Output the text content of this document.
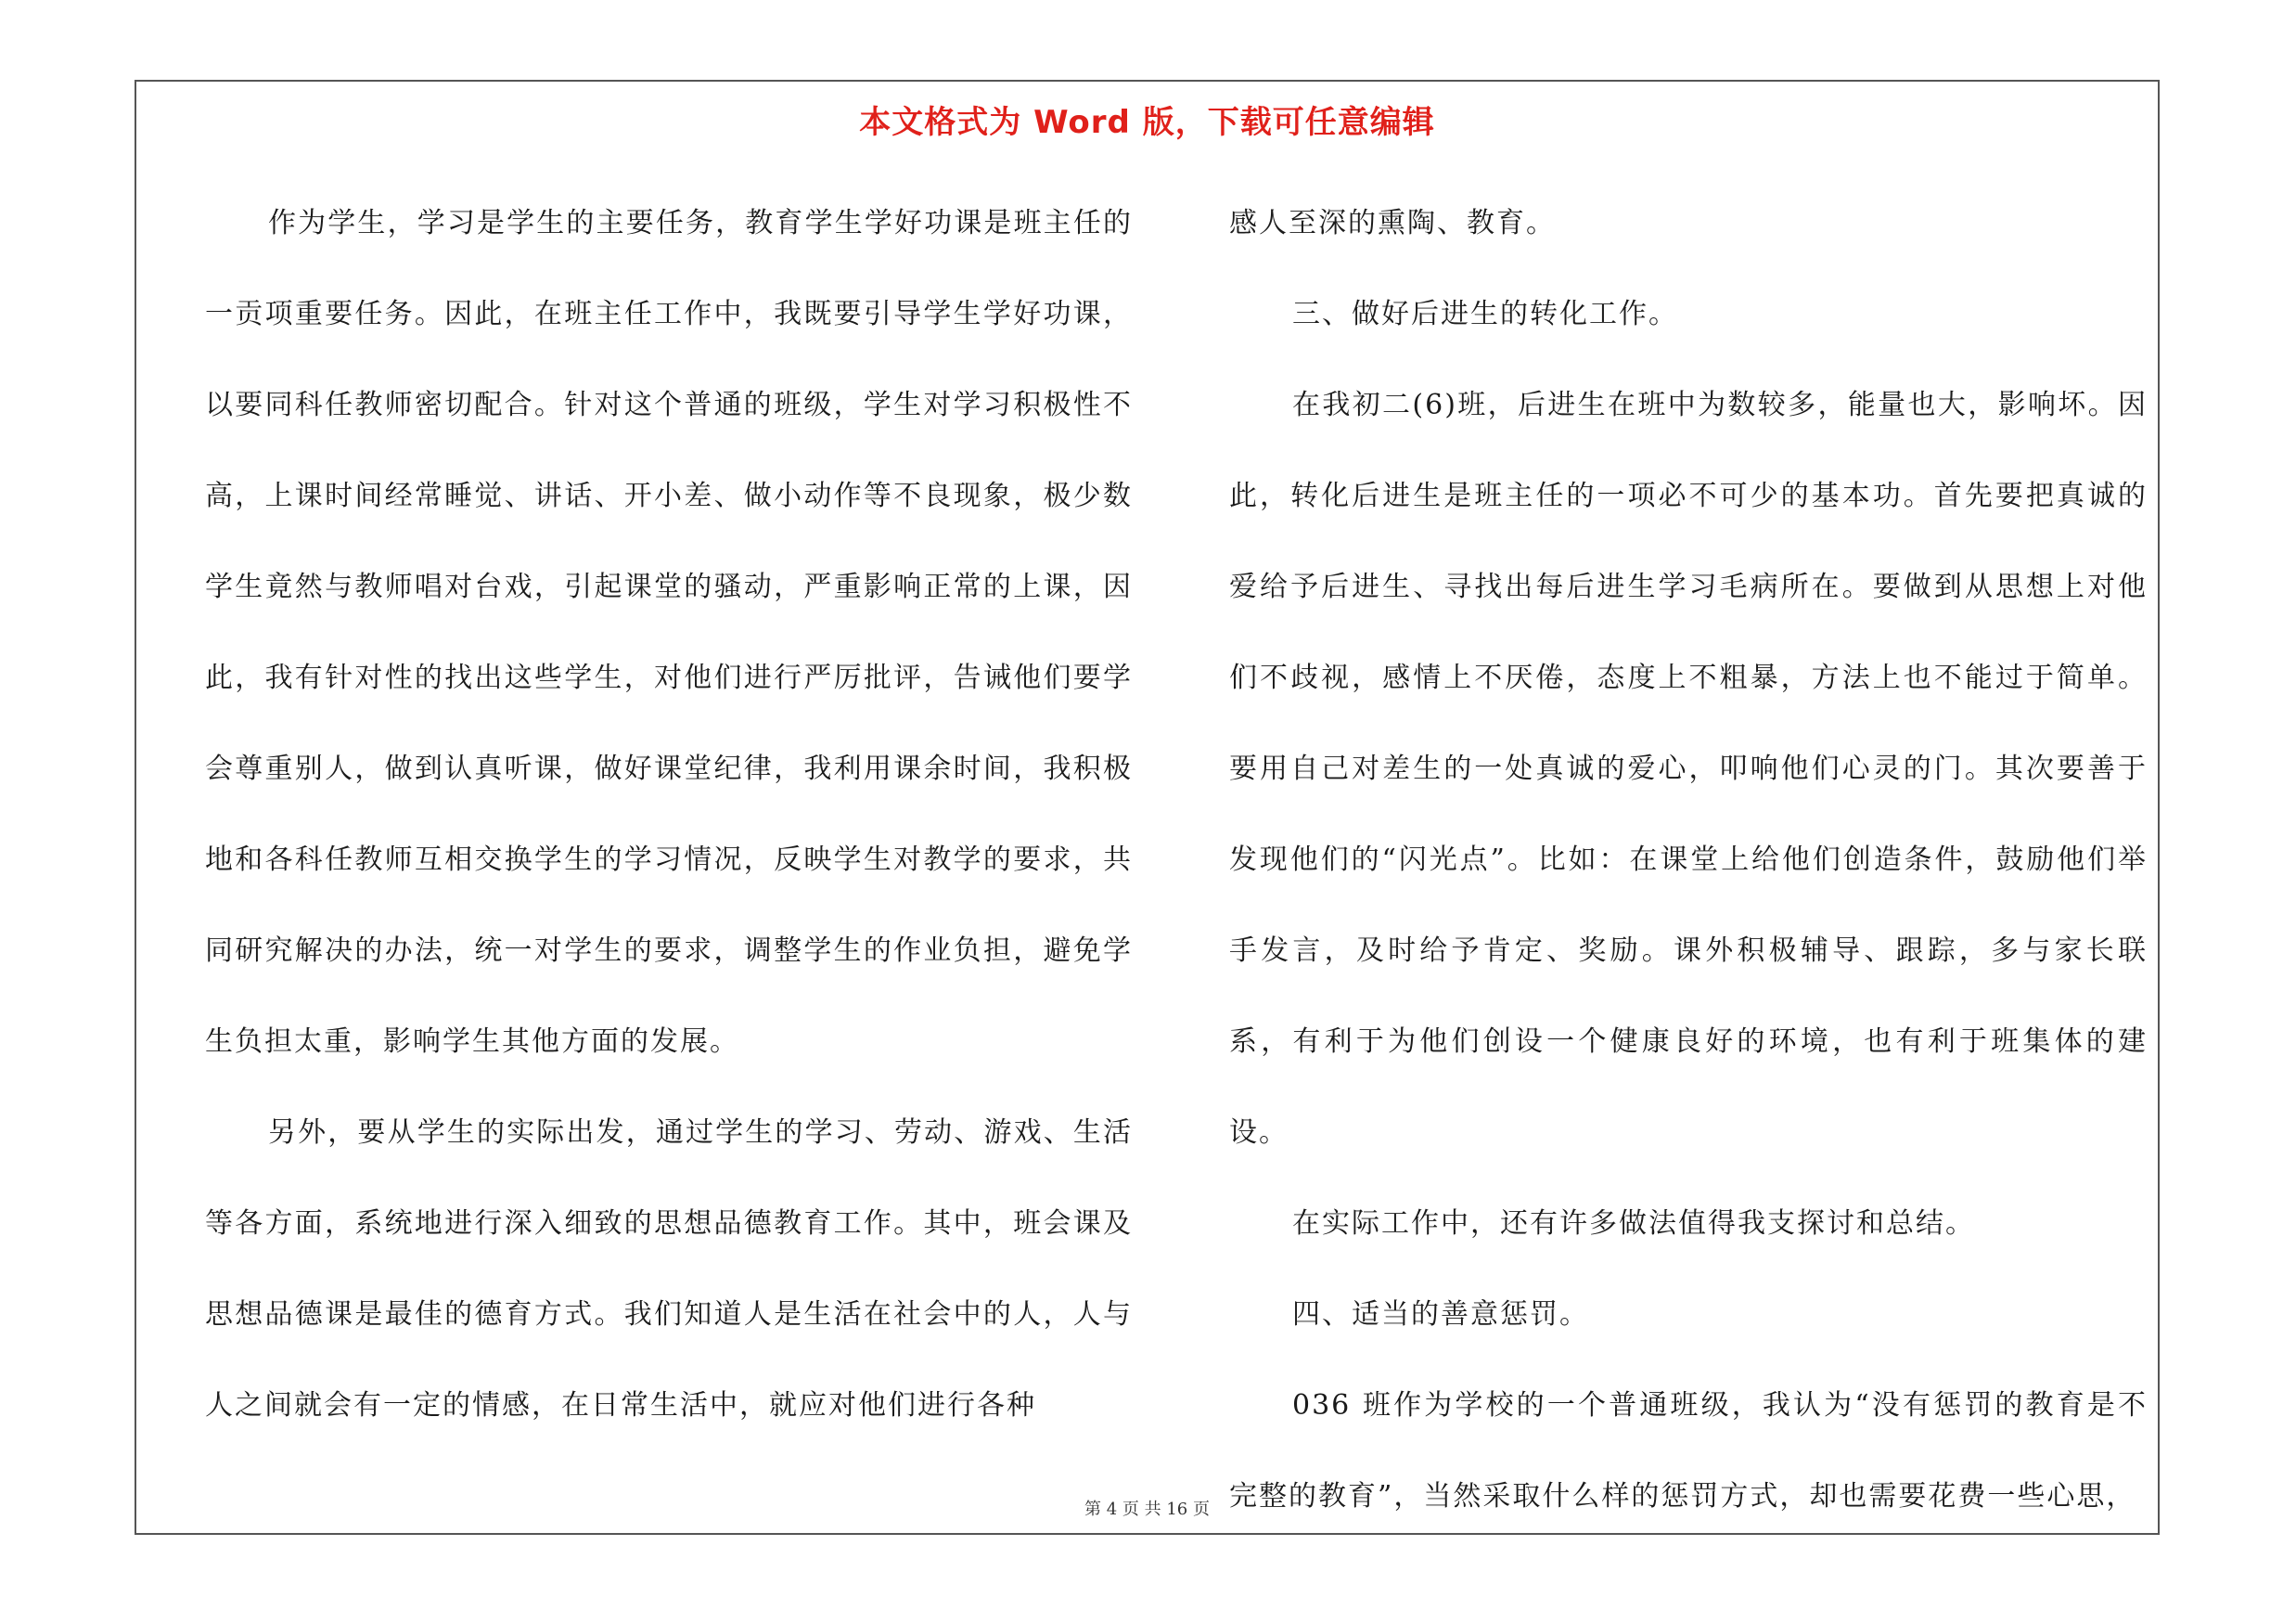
本文格式为 Word 版，下载可任意编辑

作为学生，学习是学生的主要任务，教育学生学好功课是班主任的一贡项重要任务。因此，在班主任工作中，我既要引导学生学好功课，以要同科任教师密切配合。针对这个普通的班级，学生对学习积极性不高，上课时间经常睡觉、讲话、开小差、做小动作等不良现象，极少数学生竟然与教师唱对台戏，引起课堂的骚动，严重影响正常的上课，因此，我有针对性的找出这些学生，对他们进行严厉批评，告诫他们要学会尊重别人，做到认真听课，做好课堂纪律，我利用课余时间，我积极地和各科任教师互相交换学生的学习情况，反映学生对教学的要求，共同研究解决的办法，统一对学生的要求，调整学生的作业负担，避免学生负担太重，影响学生其他方面的发展。

另外，要从学生的实际出发，通过学生的学习、劳动、游戏、生活等各方面，系统地进行深入细致的思想品德教育工作。其中，班会课及思想品德课是最佳的德育方式。我们知道人是生活在社会中的人，人与人之间就会有一定的情感，在日常生活中，就应对他们进行各种

感人至深的熏陶、教育。

三、做好后进生的转化工作。

在我初二(6)班，后进生在班中为数较多，能量也大，影响坏。因此，转化后进生是班主任的一项必不可少的基本功。首先要把真诚的爱给予后进生、寻找出每后进生学习毛病所在。要做到从思想上对他们不歧视，感情上不厌倦，态度上不粗暴，方法上也不能过于简单。要用自己对差生的一处真诚的爱心，叩响他们心灵的门。其次要善于发现他们的“闪光点”。比如：在课堂上给他们创造条件，鼓励他们举手发言，及时给予肯定、奖励。课外积极辅导、跟踪，多与家长联系，有利于为他们创设一个健康良好的环境，也有利于班集体的建设。

在实际工作中，还有许多做法值得我支探讨和总结。

四、适当的善意惩罚。

036 班作为学校的一个普通班级，我认为“没有惩罚的教育是不完整的教育”，当然采取什么样的惩罚方式，却也需要花费一些心思，

第 4 页 共 16 页
